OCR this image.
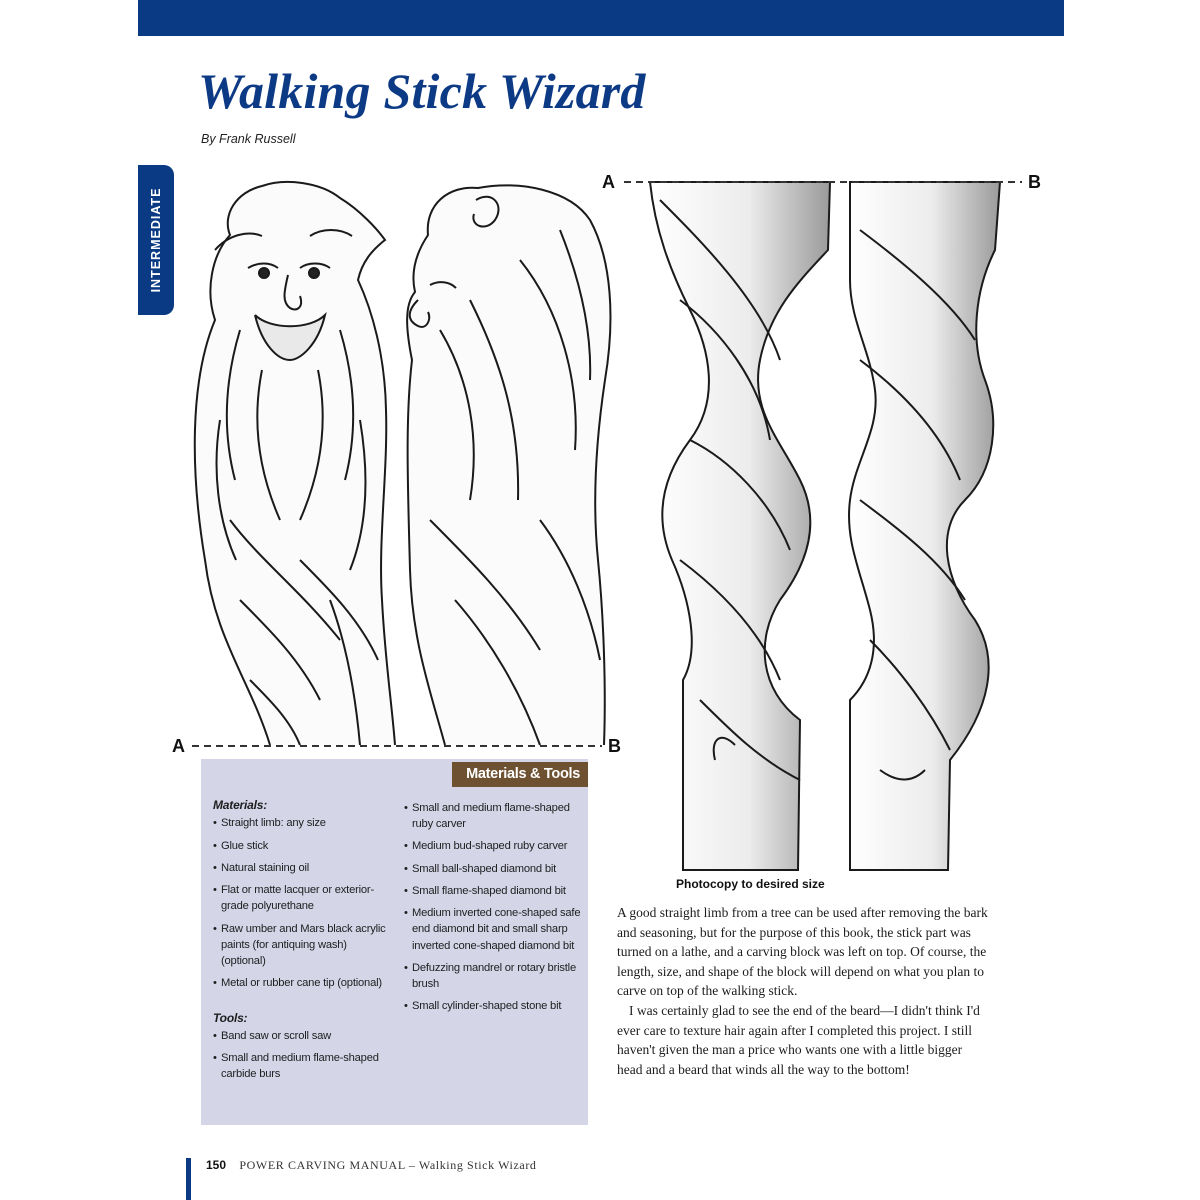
Walking Stick Wizard
By Frank Russell
INTERMEDIATE
A	B
A	B
Photocopy to desired size
Materials & Tools
Materials:
• Straight limb: any size
• Glue stick
• Natural staining oil
• Flat or matte lacquer or exterior-grade polyurethane
• Raw umber and Mars black acrylic paints (for antiquing wash) (optional)
• Metal or rubber cane tip (optional)
Tools:
• Band saw or scroll saw
• Small and medium flame-shaped carbide burs
• Small and medium flame-shaped ruby carver
• Medium bud-shaped ruby carver
• Small ball-shaped diamond bit
• Small flame-shaped diamond bit
• Medium inverted cone-shaped safe end diamond bit and small sharp inverted cone-shaped diamond bit
• Defuzzing mandrel or rotary bristle brush
• Small cylinder-shaped stone bit

A good straight limb from a tree can be used after removing the bark and seasoning, but for the purpose of this book, the stick part was turned on a lathe, and a carving block was left on top. Of course, the length, size, and shape of the block will depend on what you plan to carve on top of the walking stick.

I was certainly glad to see the end of the beard—I didn't think I'd ever care to texture hair again after I completed this project. I still haven't given the man a price who wants one with a little bigger head and a beard that winds all the way to the bottom!

150 POWER CARVING MANUAL – Walking Stick Wizard
